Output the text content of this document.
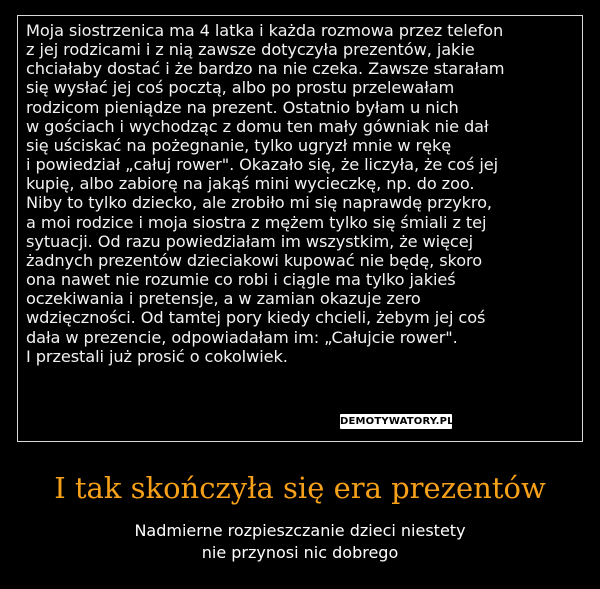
Moja siostrzenica ma 4 latka i każda rozmowa przez telefon
z jej rodzicami i z nią zawsze dotyczyła prezentów, jakie
chciałaby dostać i że bardzo na nie czeka. Zawsze starałam
się wysłać jej coś pocztą, albo po prostu przelewałam
rodzicom pieniądze na prezent. Ostatnio byłam u nich
w gościach i wychodząc z domu ten mały gówniak nie dał
się uściskać na pożegnanie, tylko ugryzł mnie w rękę
i powiedział „całuj rower". Okazało się, że liczyła, że coś jej
kupię, albo zabiorę na jakąś mini wycieczkę, np. do zoo.
Niby to tylko dziecko, ale zrobiło mi się naprawdę przykro,
a moi rodzice i moja siostra z mężem tylko się śmiali z tej
sytuacji. Od razu powiedziałam im wszystkim, że więcej
żadnych prezentów dzieciakowi kupować nie będę, skoro
ona nawet nie rozumie co robi i ciągle ma tylko jakieś
oczekiwania i pretensje, a w zamian okazuje zero
wdzięczności. Od tamtej pory kiedy chcieli, żebym jej coś
dała w prezencie, odpowiadałam im: „Całujcie rower".
I przestali już prosić o cokolwiek.
DEMOTYWATORY.PL
I tak skończyła się era prezentów
Nadmierne rozpieszczanie dzieci niestety
nie przynosi nic dobrego
